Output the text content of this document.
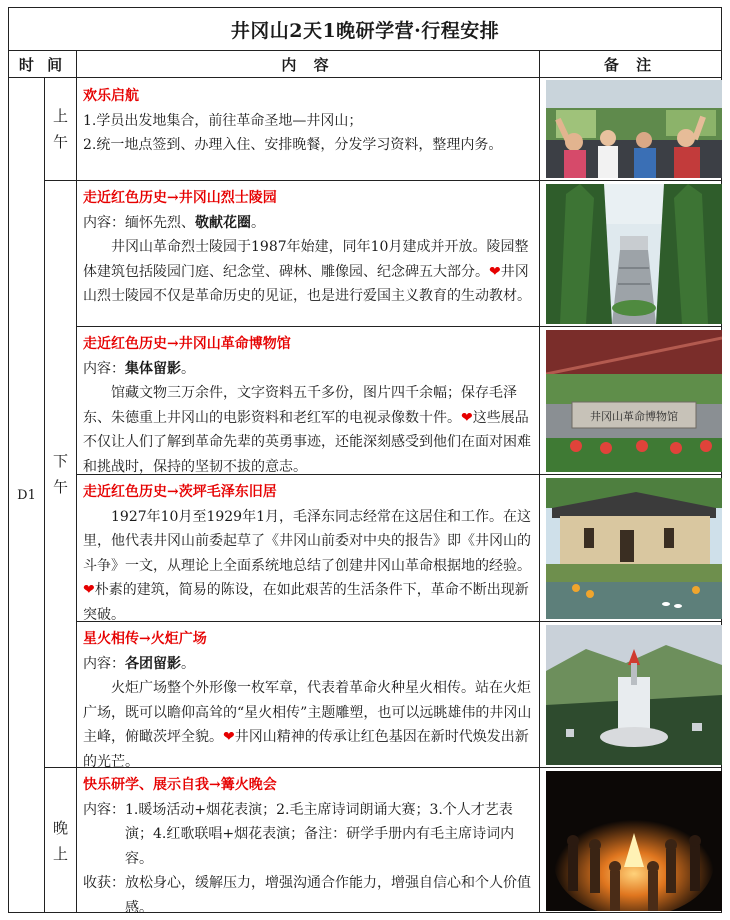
井冈山2天1晚研学营·行程安排
时 间	内 容	备 注
D1
上
午
下
午
晚
上

欢乐启航

1.学员出发地集合，前往革命圣地—井冈山；

2.统一地点签到、办理入住、安排晚餐，分发学习资料，整理内务。

走近红色历史→井冈山烈士陵园

内容：缅怀先烈、敬献花圈。

井冈山革命烈士陵园于1987年始建，同年10月建成并开放。陵园整体建筑包括陵园门庭、纪念堂、碑林、雕像园、纪念碑五大部分。❤井冈山烈士陵园不仅是革命历史的见证，也是进行爱国主义教育的生动教材。

走近红色历史→井冈山革命博物馆

内容：集体留影。

馆藏文物三万余件，文字资料五千多份，图片四千余幅；保存毛泽东、朱德重上井冈山的电影资料和老红军的电视录像数十件。❤这些展品不仅让人们了解到革命先辈的英勇事迹，还能深刻感受到他们在面对困难和挑战时，保持的坚韧不拔的意志。

走近红色历史→茨坪毛泽东旧居

1927年10月至1929年1月，毛泽东同志经常在这居住和工作。在这里，他代表井冈山前委起草了《井冈山前委对中央的报告》即《井冈山的斗争》一文，从理论上全面系统地总结了创建井冈山革命根据地的经验。❤朴素的建筑，简易的陈设，在如此艰苦的生活条件下，革命不断出现新突破。

星火相传→火炬广场

内容：各团留影。

火炬广场整个外形像一枚军章，代表着革命火种星火相传。站在火炬广场，既可以瞻仰高耸的“星火相传”主题雕塑，也可以远眺雄伟的井冈山主峰，俯瞰茨坪全貌。❤井冈山精神的传承让红色基因在新时代焕发出新的光芒。

快乐研学、展示自我→篝火晚会

内容：1.暖场活动+烟花表演；2.毛主席诗词朗诵大赛；3.个人才艺表演；4.红歌联唱+烟花表演；备注：研学手册内有毛主席诗词内容。

收获：放松身心，缓解压力，增强沟通合作能力，增强自信心和个人价值感。

井冈山革命博物馆
